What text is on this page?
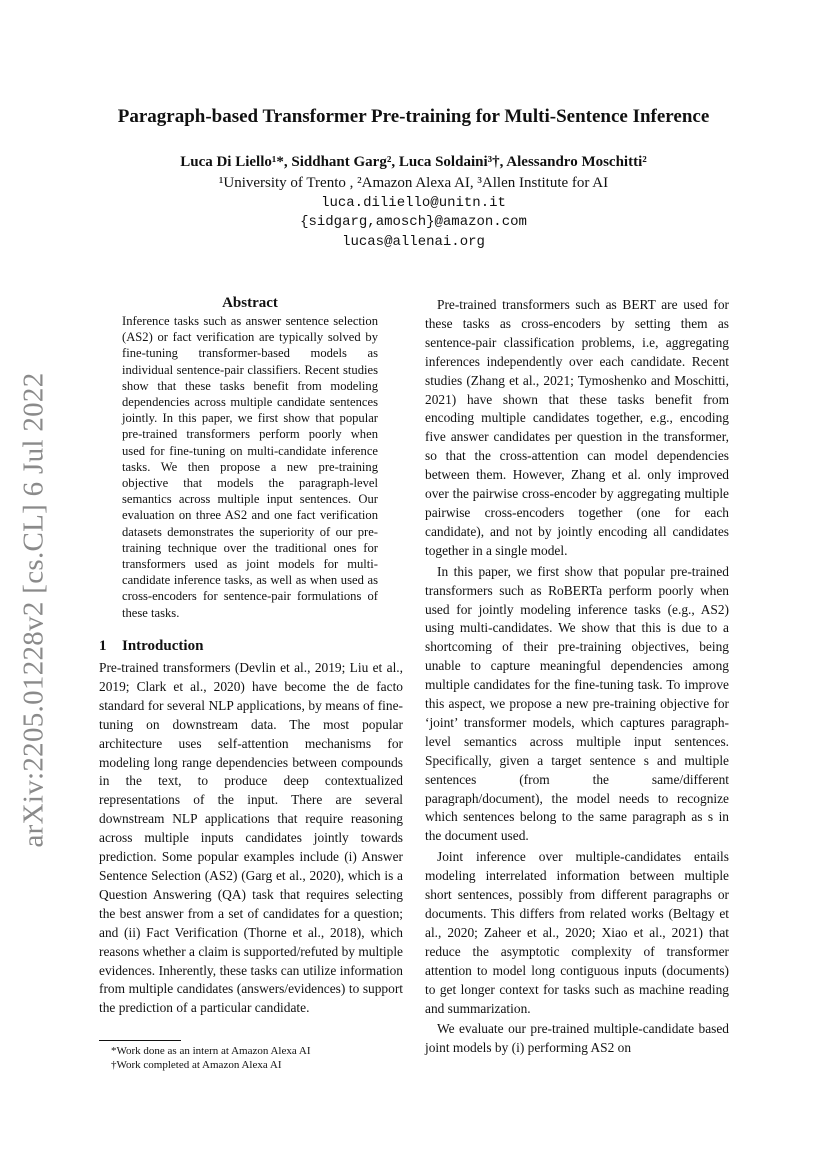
arXiv:2205.01228v2 [cs.CL] 6 Jul 2022
Paragraph-based Transformer Pre-training for Multi-Sentence Inference
Luca Di Liello¹*, Siddhant Garg², Luca Soldaini³†, Alessandro Moschitti²
¹University of Trento , ²Amazon Alexa AI, ³Allen Institute for AI
luca.diliello@unitn.it
{sidgarg,amosch}@amazon.com
lucas@allenai.org
Abstract
Inference tasks such as answer sentence selection (AS2) or fact verification are typically solved by fine-tuning transformer-based models as individual sentence-pair classifiers. Recent studies show that these tasks benefit from modeling dependencies across multiple candidate sentences jointly. In this paper, we first show that popular pre-trained transformers perform poorly when used for fine-tuning on multi-candidate inference tasks. We then propose a new pre-training objective that models the paragraph-level semantics across multiple input sentences. Our evaluation on three AS2 and one fact verification datasets demonstrates the superiority of our pre-training technique over the traditional ones for transformers used as joint models for multi-candidate inference tasks, as well as when used as cross-encoders for sentence-pair formulations of these tasks.
1 Introduction
Pre-trained transformers (Devlin et al., 2019; Liu et al., 2019; Clark et al., 2020) have become the de facto standard for several NLP applications, by means of fine-tuning on downstream data. The most popular architecture uses self-attention mechanisms for modeling long range dependencies between compounds in the text, to produce deep contextualized representations of the input. There are several downstream NLP applications that require reasoning across multiple inputs candidates jointly towards prediction. Some popular examples include (i) Answer Sentence Selection (AS2) (Garg et al., 2020), which is a Question Answering (QA) task that requires selecting the best answer from a set of candidates for a question; and (ii) Fact Verification (Thorne et al., 2018), which reasons whether a claim is supported/refuted by multiple evidences. Inherently, these tasks can utilize information from multiple candidates (answers/evidences) to support the prediction of a particular candidate.

Pre-trained transformers such as BERT are used for these tasks as cross-encoders by setting them as sentence-pair classification problems, i.e, aggregating inferences independently over each candidate. Recent studies (Zhang et al., 2021; Tymoshenko and Moschitti, 2021) have shown that these tasks benefit from encoding multiple candidates together, e.g., encoding five answer candidates per question in the transformer, so that the cross-attention can model dependencies between them. However, Zhang et al. only improved over the pairwise cross-encoder by aggregating multiple pairwise cross-encoders together (one for each candidate), and not by jointly encoding all candidates together in a single model.

In this paper, we first show that popular pre-trained transformers such as RoBERTa perform poorly when used for jointly modeling inference tasks (e.g., AS2) using multi-candidates. We show that this is due to a shortcoming of their pre-training objectives, being unable to capture meaningful dependencies among multiple candidates for the fine-tuning task. To improve this aspect, we propose a new pre-training objective for ‘joint’ transformer models, which captures paragraph-level semantics across multiple input sentences. Specifically, given a target sentence s and multiple sentences (from the same/different paragraph/document), the model needs to recognize which sentences belong to the same paragraph as s in the document used.

Joint inference over multiple-candidates entails modeling interrelated information between multiple short sentences, possibly from different paragraphs or documents. This differs from related works (Beltagy et al., 2020; Zaheer et al., 2020; Xiao et al., 2021) that reduce the asymptotic complexity of transformer attention to model long contiguous inputs (documents) to get longer context for tasks such as machine reading and summarization.

We evaluate our pre-trained multiple-candidate based joint models by (i) performing AS2 on

*Work done as an intern at Amazon Alexa AI
†Work completed at Amazon Alexa AI
